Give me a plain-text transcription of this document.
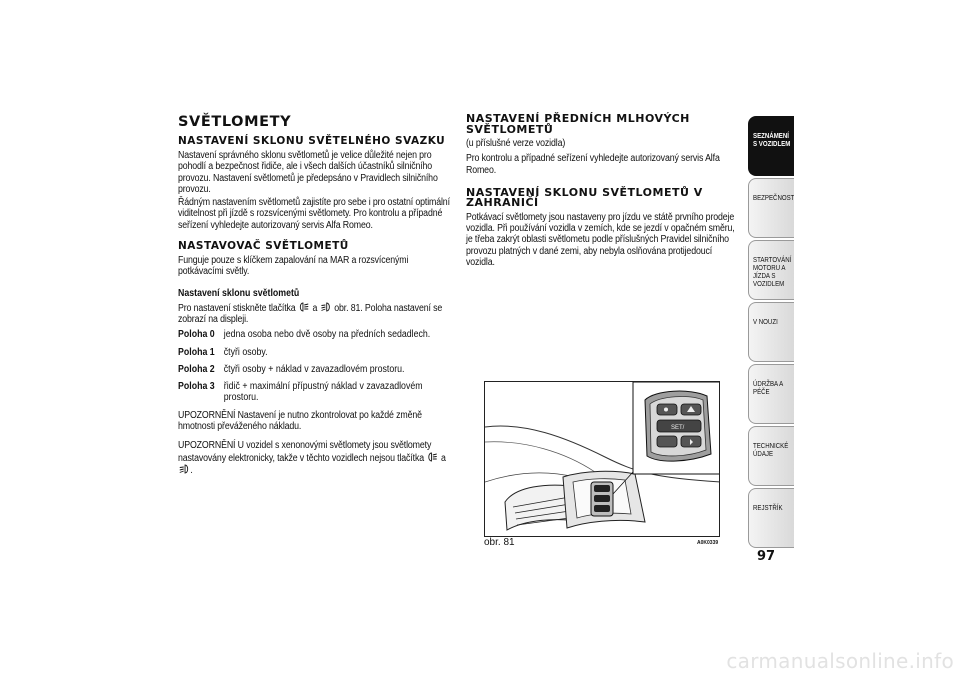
SVĚTLOMETY
NASTAVENÍ SKLONU SVĚTELNÉHO SVAZKU
Nastavení správného sklonu světlometů je velice důležité nejen pro pohodlí a bezpečnost řidiče, ale i všech dalších účastníků silničního provozu. Nastavení světlometů je předepsáno v Pravidlech silničního provozu.
Řádným nastavením světlometů zajistíte pro sebe i pro ostatní optimální viditelnost při jízdě s rozsvícenými světlomety. Pro kontrolu a případné seřízení vyhledejte autorizovaný servis Alfa Romeo.
NASTAVOVAČ SVĚTLOMETŮ
Funguje pouze s klíčkem zapalování na MAR a rozsvícenými potkávacími světly.
Nastavení sklonu světlometů
Pro nastavení stiskněte tlačítka a obr. 81. Poloha nastavení se zobrazí na displeji.
Poloha 0 jedna osoba nebo dvě osoby na předních sedadlech.
Poloha 1 čtyři osoby.
Poloha 2 čtyři osoby + náklad v zavazadlovém prostoru.
Poloha 3 řidič + maximální přípustný náklad v zavazadlovém prostoru.
UPOZORNĚNÍ Nastavení je nutno zkontrolovat po každé změně hmotnosti převáženého nákladu.
UPOZORNĚNÍ U vozidel s xenonovými světlomety jsou světlomety nastavovány elektronicky, takže v těchto vozidlech nejsou tlačítka a .
NASTAVENÍ PŘEDNÍCH MLHOVÝCH SVĚTLOMETŮ
(u příslušné verze vozidla)
Pro kontrolu a případné seřízení vyhledejte autorizovaný servis Alfa Romeo.
NASTAVENÍ SKLONU SVĚTLOMETŮ V ZAHRANIČÍ
Potkávací světlomety jsou nastaveny pro jízdu ve státě prvního prodeje vozidla. Při používání vozidla v zemích, kde se jezdí v opačném směru, je třeba zakrýt oblasti světlometu podle příslušných Pravidel silničního provozu platných v dané zemi, aby nebyla oslňována protijedoucí vozidla.
SET/
obr. 81	A0K0339
SEZNÁMENÍ S VOZIDLEM
BEZPEČNOST
STARTOVÁNÍ MOTORU A JÍZDA S VOZIDLEM
V NOUZI
ÚDRŽBA A PÉČE
TECHNICKÉ ÚDAJE
REJSTŘÍK
97
carmanualsonline.info
